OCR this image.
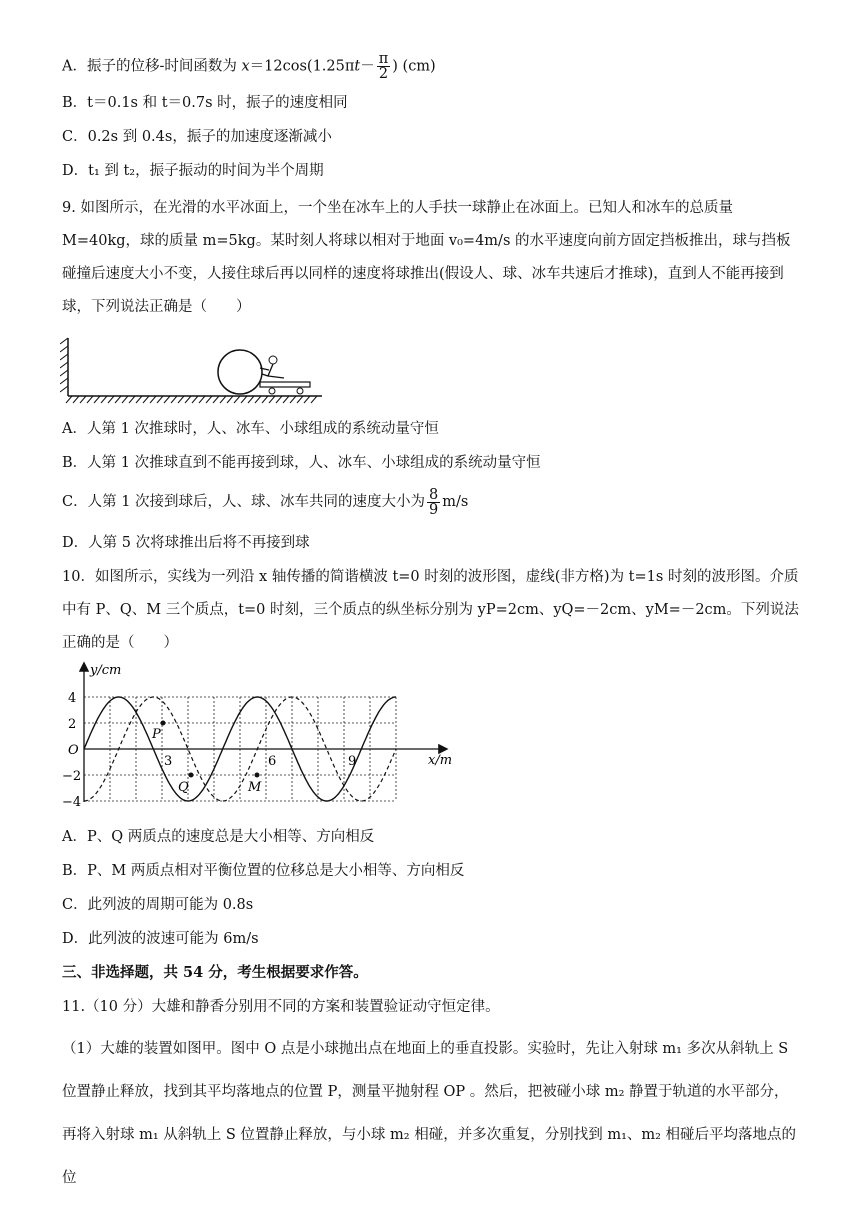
A．振子的位移-时间函数为 $x=12\cos(1.25\pi t- \frac{\pi}{2}$ ) (cm)
B．t＝0.1s 和 t＝0.7s 时，振子的速度相同
C．0.2s 到 0.4s，振子的加速度逐渐减小
D．t₁ 到 t₂，振子振动的时间为半个周期
9. 如图所示，在光滑的水平冰面上，一个坐在冰车上的人手扶一球静止在冰面上。已知人和冰车的总质量 M=40kg，球的质量 m=5kg。某时刻人将球以相对于地面 v₀=4m/s 的水平速度向前方固定挡板推出，球与挡板碰撞后速度大小不变，人接住球后再以同样的速度将球推出(假设人、球、冰车共速后才推球)，直到人不能再接到球，下列说法正确是（　　）
A．人第 1 次推球时，人、冰车、小球组成的系统动量守恒
B．人第 1 次推球直到不能再接到球，人、冰车、小球组成的系统动量守恒
C．人第 1 次接到球后，人、球、冰车共同的速度大小为 $\frac{8}{9} m/s$
D．人第 5 次将球推出后将不再接到球
10．如图所示，实线为一列沿 x 轴传播的简谐横波 t=0 时刻的波形图，虚线(非方格)为 t=1s 时刻的波形图。介质中有 P、Q、M 三个质点，t=0 时刻，三个质点的纵坐标分别为 yP=2cm、yQ=－2cm、yM=－2cm。下列说法正确的是（　　）
y/cm
x/m
O
4
2
−2
−4
3	6	9
P
Q	M
A．P、Q 两质点的速度总是大小相等、方向相反
B．P、M 两质点相对平衡位置的位移总是大小相等、方向相反
C．此列波的周期可能为 0.8s
D．此列波的波速可能为 6m/s
三、非选择题，共 54 分，考生根据要求作答。
11.（10 分）大雄和静香分别用不同的方案和装置验证动守恒定律。
（1）大雄的装置如图甲。图中 O 点是小球抛出点在地面上的垂直投影。实验时，先让入射球 m₁ 多次从斜轨上 S 位置静止释放，找到其平均落地点的位置 P，测量平抛射程 OP 。然后，把被碰小球 m₂ 静置于轨道的水平部分，再将入射球 m₁ 从斜轨上 S 位置静止释放，与小球 m₂ 相碰，并多次重复，分别找到 m₁、m₂ 相碰后平均落地点的位
